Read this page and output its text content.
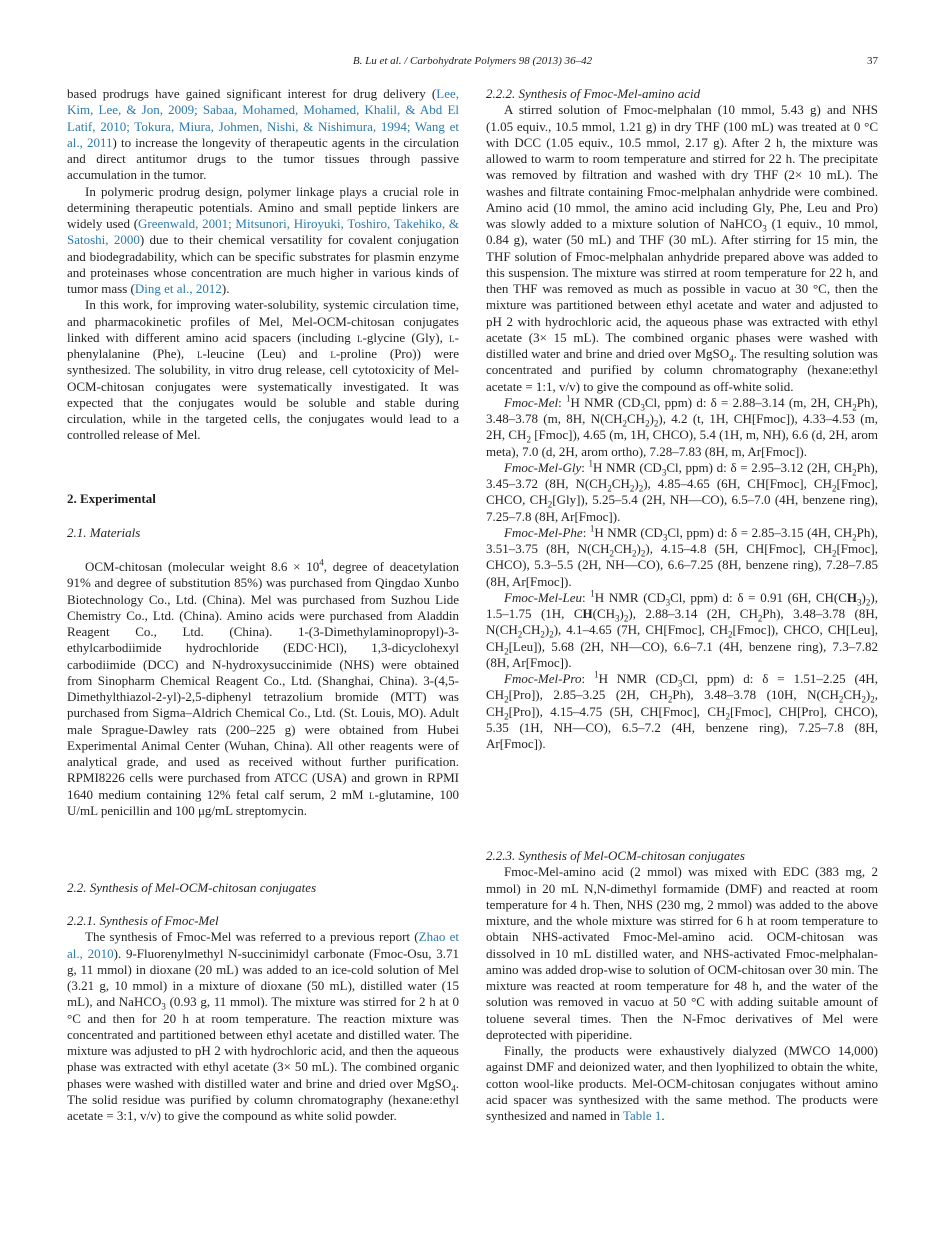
B. Lu et al. / Carbohydrate Polymers 98 (2013) 36–42	37

based prodrugs have gained significant interest for drug delivery (Lee, Kim, Lee, & Jon, 2009; Sabaa, Mohamed, Mohamed, Khalil, & Abd El Latif, 2010; Tokura, Miura, Johmen, Nishi, & Nishimura, 1994; Wang et al., 2011) to increase the longevity of therapeutic agents in the circulation and direct antitumor drugs to the tumor tissues through passive accumulation in the tumor.

In polymeric prodrug design, polymer linkage plays a crucial role in determining therapeutic potentials. Amino and small peptide linkers are widely used (Greenwald, 2001; Mitsunori, Hiroyuki, Toshiro, Takehiko, & Satoshi, 2000) due to their chemical versatility for covalent conjugation and biodegradability, which can be specific substrates for plasmin enzyme and proteinases whose concentration are much higher in various kinds of tumor mass (Ding et al., 2012).

In this work, for improving water-solubility, systemic circulation time, and pharmacokinetic profiles of Mel, Mel-OCM-chitosan conjugates linked with different amino acid spacers (including l-glycine (Gly), l-phenylalanine (Phe), l-leucine (Leu) and l-proline (Pro)) were synthesized. The solubility, in vitro drug release, cell cytotoxicity of Mel-OCM-chitosan conjugates were systematically investigated. It was expected that the conjugates would be soluble and stable during circulation, while in the targeted cells, the conjugates would lead to a controlled release of Mel.

2. Experimental
2.1. Materials

OCM-chitosan (molecular weight $8.6 \times 10^4$, degree of deacetylation 91% and degree of substitution 85%) was purchased from Qingdao Xunbo Biotechnology Co., Ltd. (China). Mel was purchased from Suzhou Lide Chemistry Co., Ltd. (China). Amino acids were purchased from Aladdin Reagent Co., Ltd. (China). 1-(3-Dimethylaminopropyl)-3-ethylcarbodiimide hydrochloride (EDC·HCl), 1,3-dicyclohexyl carbodiimide (DCC) and N-hydroxysuccinimide (NHS) were obtained from Sinopharm Chemical Reagent Co., Ltd. (Shanghai, China). 3-(4,5-Dimethylthiazol-2-yl)-2,5-diphenyl tetrazolium bromide (MTT) was purchased from Sigma–Aldrich Chemical Co., Ltd. (St. Louis, MO). Adult male Sprague-Dawley rats (200–225 g) were obtained from Hubei Experimental Animal Center (Wuhan, China). All other reagents were of analytical grade, and used as received without further purification. RPMI8226 cells were purchased from ATCC (USA) and grown in RPMI 1640 medium containing 12% fetal calf serum, 2 mM l-glutamine, 100 U/mL penicillin and 100 μg/mL streptomycin.

2.2. Synthesis of Mel-OCM-chitosan conjugates
2.2.1. Synthesis of Fmoc-Mel

The synthesis of Fmoc-Mel was referred to a previous report (Zhao et al., 2010). 9-Fluorenylmethyl N-succinimidyl carbonate (Fmoc-Osu, 3.71 g, 11 mmol) in dioxane (20 mL) was added to an ice-cold solution of Mel (3.21 g, 10 mmol) in a mixture of dioxane (50 mL), distilled water (15 mL), and NaHCO$_3$ (0.93 g, 11 mmol). The mixture was stirred for 2 h at 0 °C and then for 20 h at room temperature. The reaction mixture was concentrated and partitioned between ethyl acetate and distilled water. The mixture was adjusted to pH 2 with hydrochloric acid, and then the aqueous phase was extracted with ethyl acetate (3× 50 mL). The combined organic phases were washed with distilled water and brine and dried over MgSO$_4$. The solid residue was purified by column chromatography (hexane:ethyl acetate = 3:1, v/v) to give the compound as white solid powder.

2.2.2. Synthesis of Fmoc-Mel-amino acid

A stirred solution of Fmoc-melphalan (10 mmol, 5.43 g) and NHS (1.05 equiv., 10.5 mmol, 1.21 g) in dry THF (100 mL) was treated at 0 °C with DCC (1.05 equiv., 10.5 mmol, 2.17 g). After 2 h, the mixture was allowed to warm to room temperature and stirred for 22 h. The precipitate was removed by filtration and washed with dry THF (2× 10 mL). The washes and filtrate containing Fmoc-melphalan anhydride were combined. Amino acid (10 mmol, the amino acid including Gly, Phe, Leu and Pro) was slowly added to a mixture solution of NaHCO$_3$ (1 equiv., 10 mmol, 0.84 g), water (50 mL) and THF (30 mL). After stirring for 15 min, the THF solution of Fmoc-melphalan anhydride prepared above was added to this suspension. The mixture was stirred at room temperature for 22 h, and then THF was removed as much as possible in vacuo at 30 °C, then the mixture was partitioned between ethyl acetate and water and adjusted to pH 2 with hydrochloric acid, the aqueous phase was extracted with ethyl acetate (3× 15 mL). The combined organic phases were washed with distilled water and brine and dried over MgSO$_4$. The resulting solution was concentrated and purified by column chromatography (hexane:ethyl acetate = 1:1, v/v) to give the compound as off-white solid.

Fmoc-Mel: $^1$H NMR ($CD_3Cl$, ppm) d: δ = 2.88–3.14 (m, 2H, $CH_2Ph$), 3.48–3.78 (m, 8H, $N(CH_2CH_2)_2$), 4.2 (t, 1H, CH[Fmoc]), 4.33–4.53 (m, 2H, $CH_2$ [Fmoc]), 4.65 (m, 1H, CHCO), 5.4 (1H, m, NH), 6.6 (d, 2H, arom meta), 7.0 (d, 2H, arom ortho), 7.28–7.83 (8H, m, Ar[Fmoc]).

Fmoc-Mel-Gly: $^1$H NMR ($CD_3Cl$, ppm) d: δ = 2.95–3.12 (2H, $CH_2Ph$), 3.45–3.72 (8H, $N(CH_2CH_2)_2$), 4.85–4.65 (6H, CH[Fmoc], $CH_2[Fmoc]$, CHCO, $CH_2[Gly]$), 5.25–5.4 (2H, NH—CO), 6.5–7.0 (4H, benzene ring), 7.25–7.8 (8H, Ar[Fmoc]).

Fmoc-Mel-Phe: $^1$H NMR ($CD_3Cl$, ppm) d: δ = 2.85–3.15 (4H, $CH_2Ph$), 3.51–3.75 (8H, $N(CH_2CH_2)_2$), 4.15–4.8 (5H, CH[Fmoc], $CH_2[Fmoc]$, CHCO), 5.3–5.5 (2H, NH—CO), 6.6–7.25 (8H, benzene ring), 7.28–7.85 (8H, Ar[Fmoc]).

Fmoc-Mel-Leu: $^1$H NMR ($CD_3Cl$, ppm) d: δ = 0.91 (6H, $CH(CH_3)_2$), 1.5–1.75 (1H, $CH(CH_3)_2$), 2.88–3.14 (2H, $CH_2Ph$), 3.48–3.78 (8H, $N(CH_2CH_2)_2$), 4.1–4.65 (7H, CH[Fmoc], $CH_2[Fmoc]$), CHCO, CH[Leu], $CH_2[Leu]$), 5.68 (2H, NH—CO), 6.6–7.1 (4H, benzene ring), 7.3–7.82 (8H, Ar[Fmoc]).

Fmoc-Mel-Pro: $^1$H NMR ($CD_3Cl$, ppm) d: δ = 1.51–2.25 (4H, $CH_2[Pro]$), 2.85–3.25 (2H, $CH_2Ph$), 3.48–3.78 (10H, $N(CH_2CH_2)_2$, $CH_2[Pro]$), 4.15–4.75 (5H, CH[Fmoc], $CH_2[Fmoc]$, CH[Pro], CHCO), 5.35 (1H, NH—CO), 6.5–7.2 (4H, benzene ring), 7.25–7.8 (8H, Ar[Fmoc]).

2.2.3. Synthesis of Mel-OCM-chitosan conjugates

Fmoc-Mel-amino acid (2 mmol) was mixed with EDC (383 mg, 2 mmol) in 20 mL N,N-dimethyl formamide (DMF) and reacted at room temperature for 4 h. Then, NHS (230 mg, 2 mmol) was added to the above mixture, and the whole mixture was stirred for 6 h at room temperature to obtain NHS-activated Fmoc-Mel-amino acid. OCM-chitosan was dissolved in 10 mL distilled water, and NHS-activated Fmoc-melphalan-amino was added drop-wise to solution of OCM-chitosan over 30 min. The mixture was reacted at room temperature for 48 h, and the water of the solution was removed in vacuo at 50 °C with adding suitable amount of toluene several times. Then the N-Fmoc derivatives of Mel were deprotected with piperidine.

Finally, the products were exhaustively dialyzed (MWCO 14,000) against DMF and deionized water, and then lyophilized to obtain the white, cotton wool-like products. Mel-OCM-chitosan conjugates without amino acid spacer was synthesized with the same method. The products were synthesized and named in Table 1.
